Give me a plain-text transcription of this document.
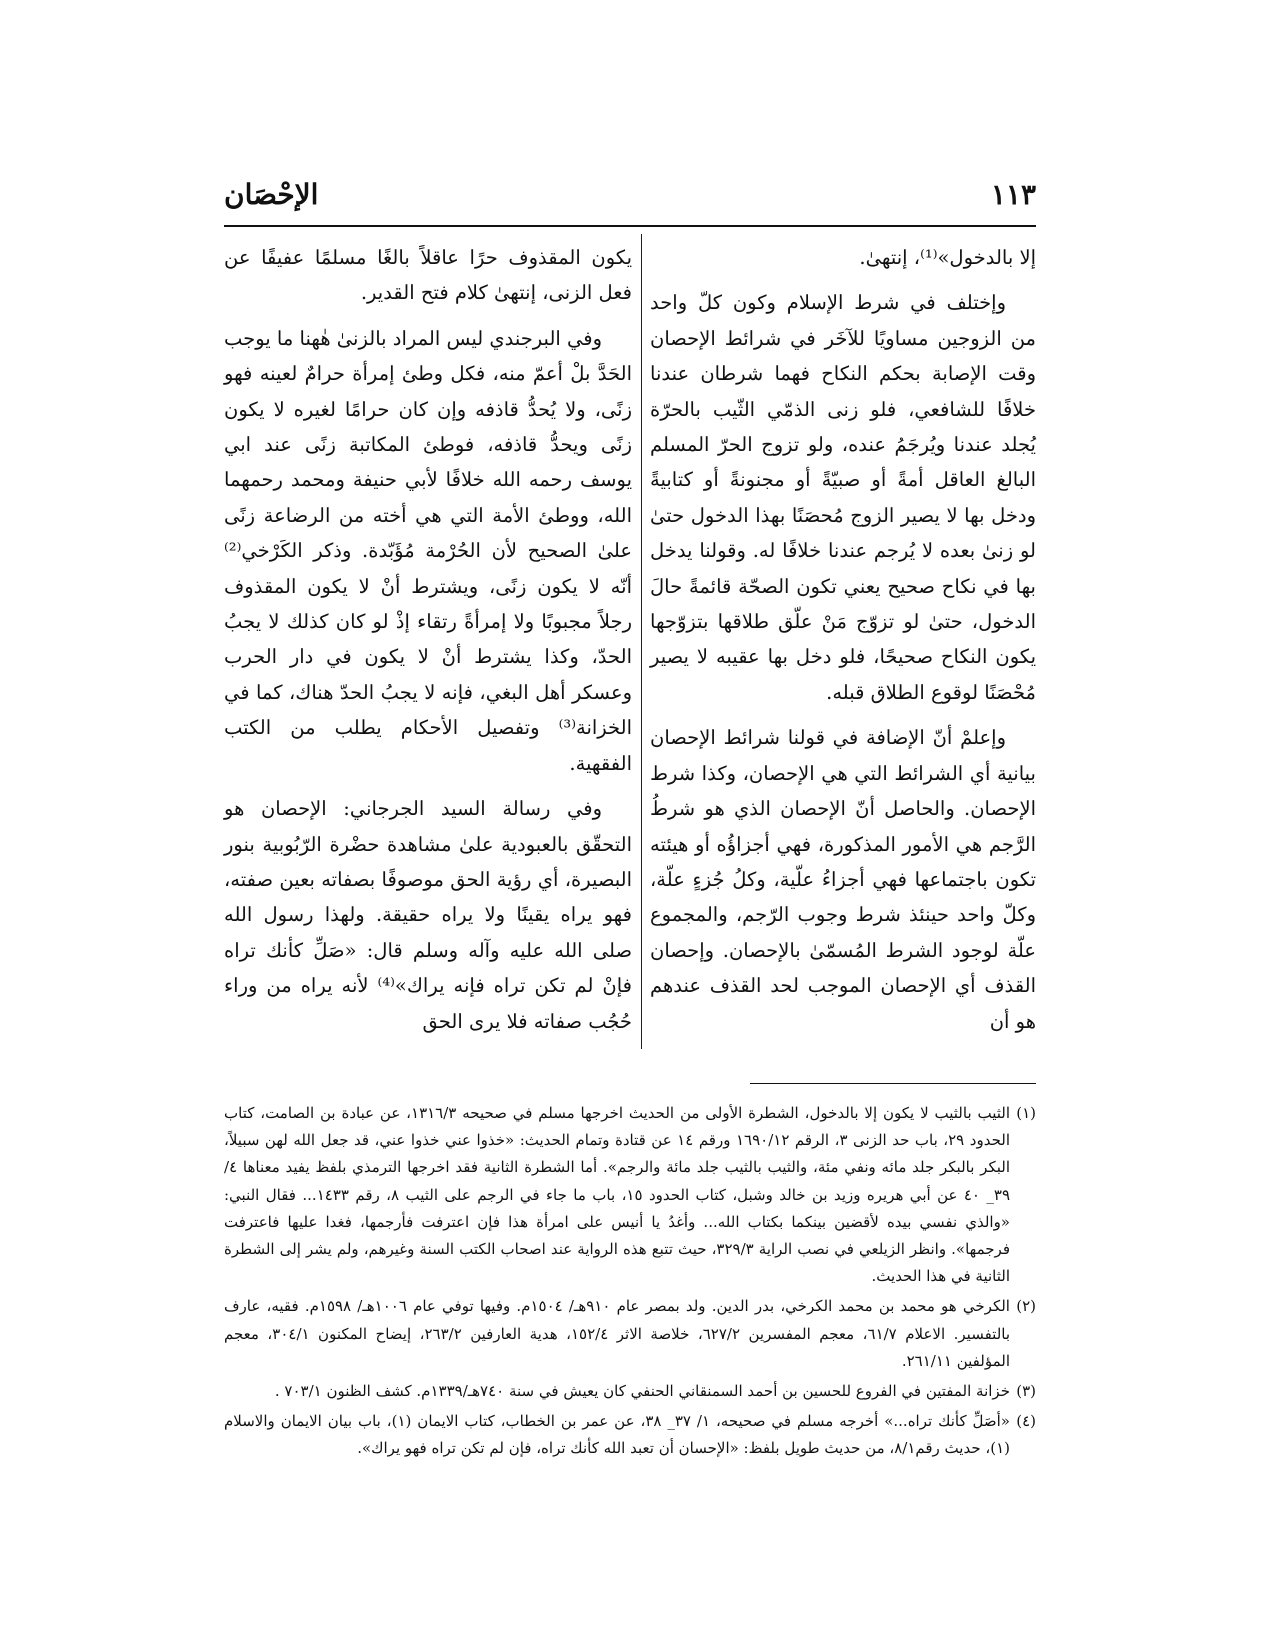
١١٣
الإحْصَان

إلا بالدخول»⁽¹⁾، إنتهىٰ.

وإختلف في شرط الإسلام وكون كلّ واحد من الزوجين مساويًا للآخَر في شرائط الإحصان وقت الإصابة بحكم النكاح فهما شرطان عندنا خلافًا للشافعي، فلو زنى الذمّي الثّيب بالحرّة يُجلد عندنا ويُرجَمُ عنده، ولو تزوج الحرّ المسلم البالغ العاقل أمةً أو صبيّةً أو مجنونةً أو كتابيةً ودخل بها لا يصير الزوج مُحصَنًا بهذا الدخول حتىٰ لو زنىٰ بعده لا يُرجم عندنا خلافًا له. وقولنا يدخل بها في نكاح صحيح يعني تكون الصحّة قائمةً حالَ الدخول، حتىٰ لو تزوّج مَنْ علّق طلاقها بتزوّجها يكون النكاح صحيحًا، فلو دخل بها عقيبه لا يصير مُحْصَنًا لوقوع الطلاق قبله.

وإعلمْ أنّ الإضافة في قولنا شرائط الإحصان بيانية أي الشرائط التي هي الإحصان، وكذا شرط الإحصان. والحاصل أنّ الإحصان الذي هو شرطُ الرَّجم هي الأمور المذكورة، فهي أجزاؤُه أو هيئته تكون باجتماعها فهي أجزاءُ علّية، وكلُ جُزءٍ علّة، وكلّ واحد حينئذ شرط وجوب الرّجم، والمجموع علّة لوجود الشرط المُسمّىٰ بالإحصان. وإحصان القذف أي الإحصان الموجب لحد القذف عندهم هو أن

يكون المقذوف حرًا عاقلاً بالغًا مسلمًا عفيفًا عن فعل الزنى، إنتهىٰ كلام فتح القدير.

وفي البرجندي ليس المراد بالزنىٰ هٰهنا ما يوجب الحَدَّ بلْ أعمّ منه، فكل وطئ إمرأة حرامٌ لعينه فهو زنًى، ولا يُحدُّ قاذفه وإن كان حرامًا لغيره لا يكون زنًى ويحدُّ قاذفه، فوطئ المكاتبة زنًى عند ابي يوسف رحمه الله خلافًا لأبي حنيفة ومحمد رحمهما الله، ووطئ الأمة التي هي أخته من الرضاعة زنًى علىٰ الصحيح لأن الحُرْمة مُؤَبّدة. وذكر الكَرْخي⁽²⁾ أنّه لا يكون زنًى، ويشترط أنْ لا يكون المقذوف رجلاً مجبوبًا ولا إمرأةً رتقاء إذْ لو كان كذلك لا يجبُ الحدّ، وكذا يشترط أنْ لا يكون في دار الحرب وعسكر أهل البغي، فإنه لا يجبُ الحدّ هناك، كما في الخزانة⁽³⁾ وتفصيل الأحكام يطلب من الكتب الفقهية.

وفي رسالة السيد الجرجاني: الإحصان هو التحقّق بالعبودية علىٰ مشاهدة حضْرة الرّبُوبية بنور البصيرة، أي رؤية الحق موصوفًا بصفاته بعين صفته، فهو يراه يقينًا ولا يراه حقيقة. ولهذا رسول الله صلى الله عليه وآله وسلم قال: «صَلِّ كأنك تراه فإنْ لم تكن تراه فإنه يراك»⁽⁴⁾ لأنه يراه من وراء حُجُب صفاته فلا يرى الحق

(١)
الثيب بالثيب لا يكون إلا بالدخول، الشطرة الأولى من الحديث اخرجها مسلم في صحيحه ١٣١٦/٣، عن عبادة بن الصامت، كتاب الحدود ٢٩، باب حد الزنى ٣، الرقم ١٦٩٠/١٢ ورقم ١٤ عن قتادة وتمام الحديث: «خذوا عني خذوا عني، قد جعل الله لهن سبيلاً، البكر بالبكر جلد مائه ونفي مئة، والثيب بالثيب جلد مائة والرجم». أما الشطرة الثانية فقد اخرجها الترمذي بلفظ يفيد معناها ٤/ ٣٩_ ٤٠ عن أبي هريره وزيد بن خالد وشبل، كتاب الحدود ١٥، باب ما جاء في الرجم على الثيب ٨، رقم ١٤٣٣... فقال النبي: «والذي نفسي بيده لأقضين بينكما بكتاب الله... وأغدُ يا أنيس على امرأة هذا فإن اعترفت فأرجمها، فغدا عليها فاعترفت فرجمها». وانظر الزيلعي في نصب الراية ٣٢٩/٣، حيث تتبع هذه الرواية عند اصحاب الكتب السنة وغيرهم، ولم يشر إلى الشطرة الثانية في هذا الحديث.

(٢)
الكرخي هو محمد بن محمد الكرخي، بدر الدين. ولد بمصر عام ٩١٠هـ/ ١٥٠٤م. وفيها توفي عام ١٠٠٦هـ/ ١٥٩٨م. فقيه، عارف بالتفسير. الاعلام ٦١/٧، معجم المفسرين ٦٢٧/٢، خلاصة الاثر ١٥٢/٤، هدية العارفين ٢٦٣/٢، إيضاح المكنون ٣٠٤/١، معجم المؤلفين ٢٦١/١١.

(٣)
خزانة المفتين في الفروع للحسين بن أحمد السمنقاني الحنفي كان يعيش في سنة ٧٤٠هـ/١٣٣٩م. كشف الظنون ٧٠٣/١ .

(٤)
«أصَلِّ كأنك تراه...» أخرجه مسلم في صحيحه، ١/ ٣٧_ ٣٨، عن عمر بن الخطاب، كتاب الايمان (١)، باب بيان الايمان والاسلام (١)، حديث رقم٨/١، من حديث طويل بلفظ: «الإحسان أن تعبد الله كأنك تراه، فإن لم تكن تراه فهو يراك».
